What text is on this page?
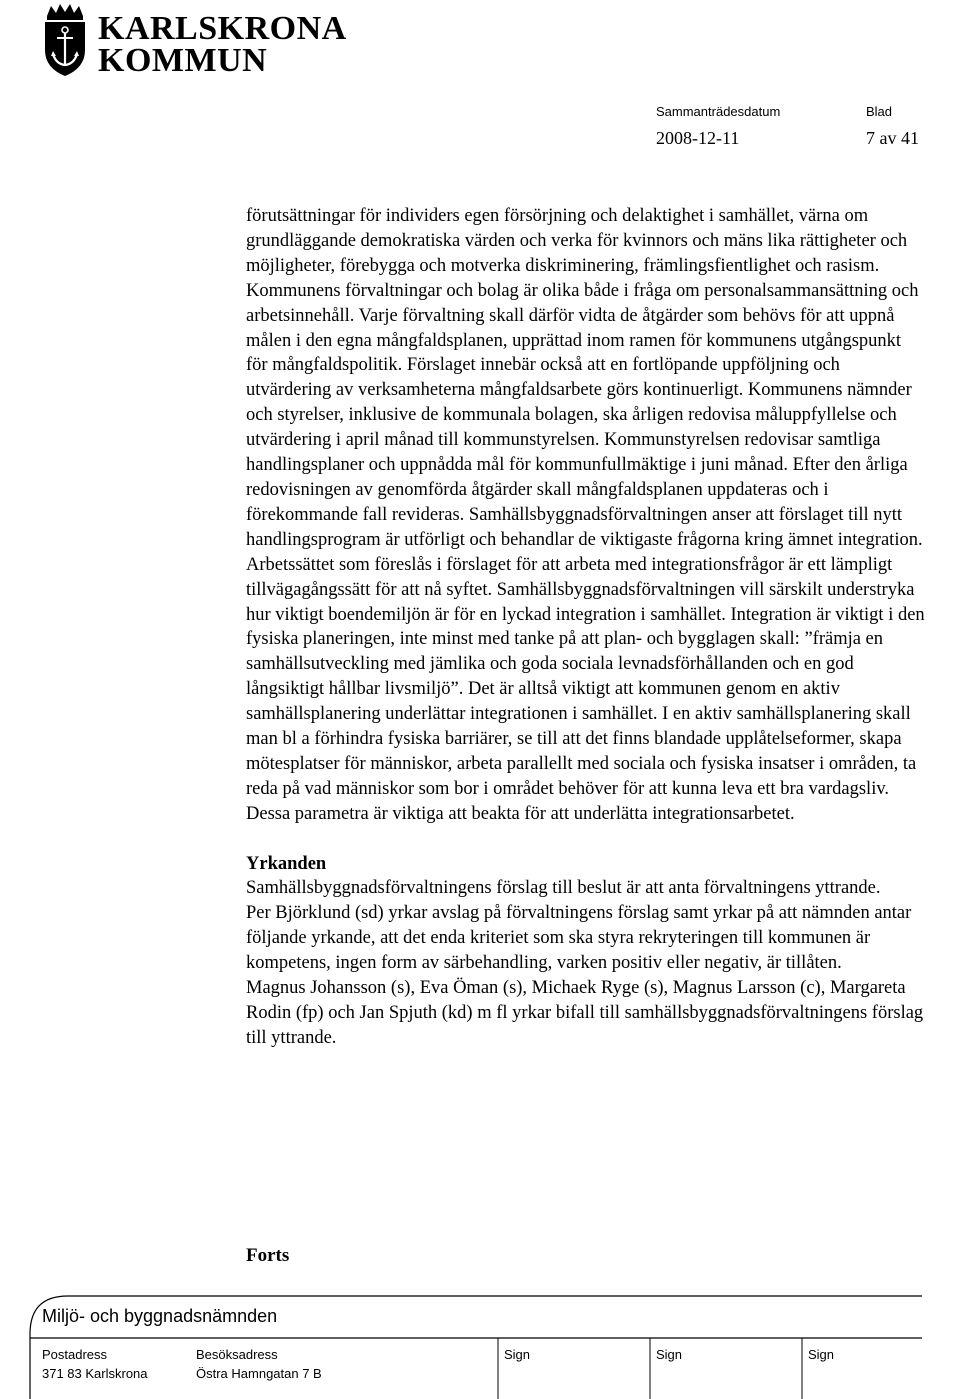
KARLSKRONA
KOMMUN
Sammanträdesdatum	Blad
2008-12-11	7 av 41

förutsättningar för individers egen försörjning och delaktighet i samhället, värna om grundläggande demokratiska värden och verka för kvinnors och mäns lika rättigheter och möjligheter, förebygga och motverka diskriminering, främlingsfientlighet och rasism. Kommunens förvaltningar och bolag är olika både i fråga om personalsammansättning och arbetsinnehåll. Varje förvaltning skall därför vidta de åtgärder som behövs för att uppnå målen i den egna mångfaldsplanen, upprättad inom ramen för kommunens utgångspunkt för mångfaldspolitik. Förslaget innebär också att en fortlöpande uppföljning och utvärdering av verksamheterna mångfaldsarbete görs kontinuerligt. Kommunens nämnder och styrelser, inklusive de kommunala bolagen, ska årligen redovisa måluppfyllelse och utvärdering i april månad till kommunstyrelsen. Kommunstyrelsen redovisar samtliga handlingsplaner och uppnådda mål för kommunfullmäktige i juni månad. Efter den årliga redovisningen av genomförda åtgärder skall mångfaldsplanen uppdateras och i förekommande fall revideras. Samhällsbyggnadsförvaltningen anser att förslaget till nytt handlingsprogram är utförligt och behandlar de viktigaste frågorna kring ämnet integration. Arbetssättet som föreslås i förslaget för att arbeta med integrationsfrågor är ett lämpligt tillvägagångssätt för att nå syftet. Samhällsbyggnadsförvaltningen vill särskilt understryka hur viktigt boendemiljön är för en lyckad integration i samhället. Integration är viktigt i den fysiska planeringen, inte minst med tanke på att plan- och bygglagen skall: ”främja en samhällsutveckling med jämlika och goda sociala levnadsförhållanden och en god långsiktigt hållbar livsmiljö”. Det är alltså viktigt att kommunen genom en aktiv samhällsplanering underlättar integrationen i samhället. I en aktiv samhällsplanering skall man bl a förhindra fysiska barriärer, se till att det finns blandade upplåtelseformer, skapa mötesplatser för människor, arbeta parallellt med sociala och fysiska insatser i områden, ta reda på vad människor som bor i området behöver för att kunna leva ett bra vardagsliv. Dessa parametra är viktiga att beakta för att underlätta integrationsarbetet.

Yrkanden

Samhällsbyggnadsförvaltningens förslag till beslut är att anta förvaltningens yttrande.

Per Björklund (sd) yrkar avslag på förvaltningens förslag samt yrkar på att nämnden antar följande yrkande, att det enda kriteriet som ska styra rekryteringen till kommunen är kompetens, ingen form av särbehandling, varken positiv eller negativ, är tillåten.

Magnus Johansson (s), Eva Öman (s), Michaek Ryge (s), Magnus Larsson (c), Margareta Rodin (fp) och Jan Spjuth (kd) m fl yrkar bifall till samhällsbyggnadsförvaltningens förslag till yttrande.

Forts
Miljö- och byggnadsnämnden
Postadress	Besöksadress	Sign	Sign	Sign
371 83 Karlskrona	Östra Hamngatan 7 B
